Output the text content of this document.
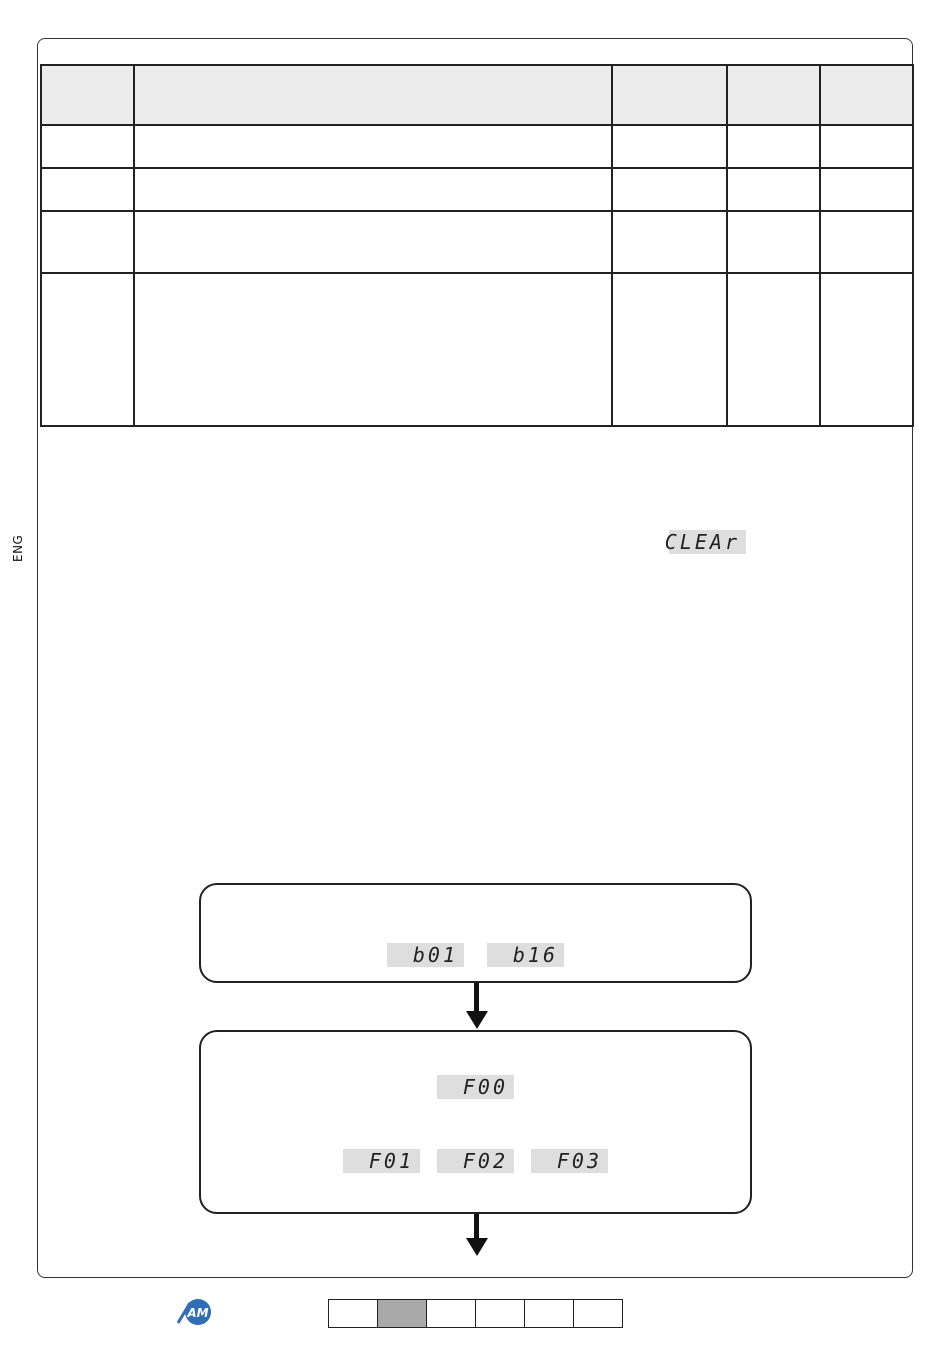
ENG

					CLEAr
b01	b16
F00
F01	F02	F03
AM
